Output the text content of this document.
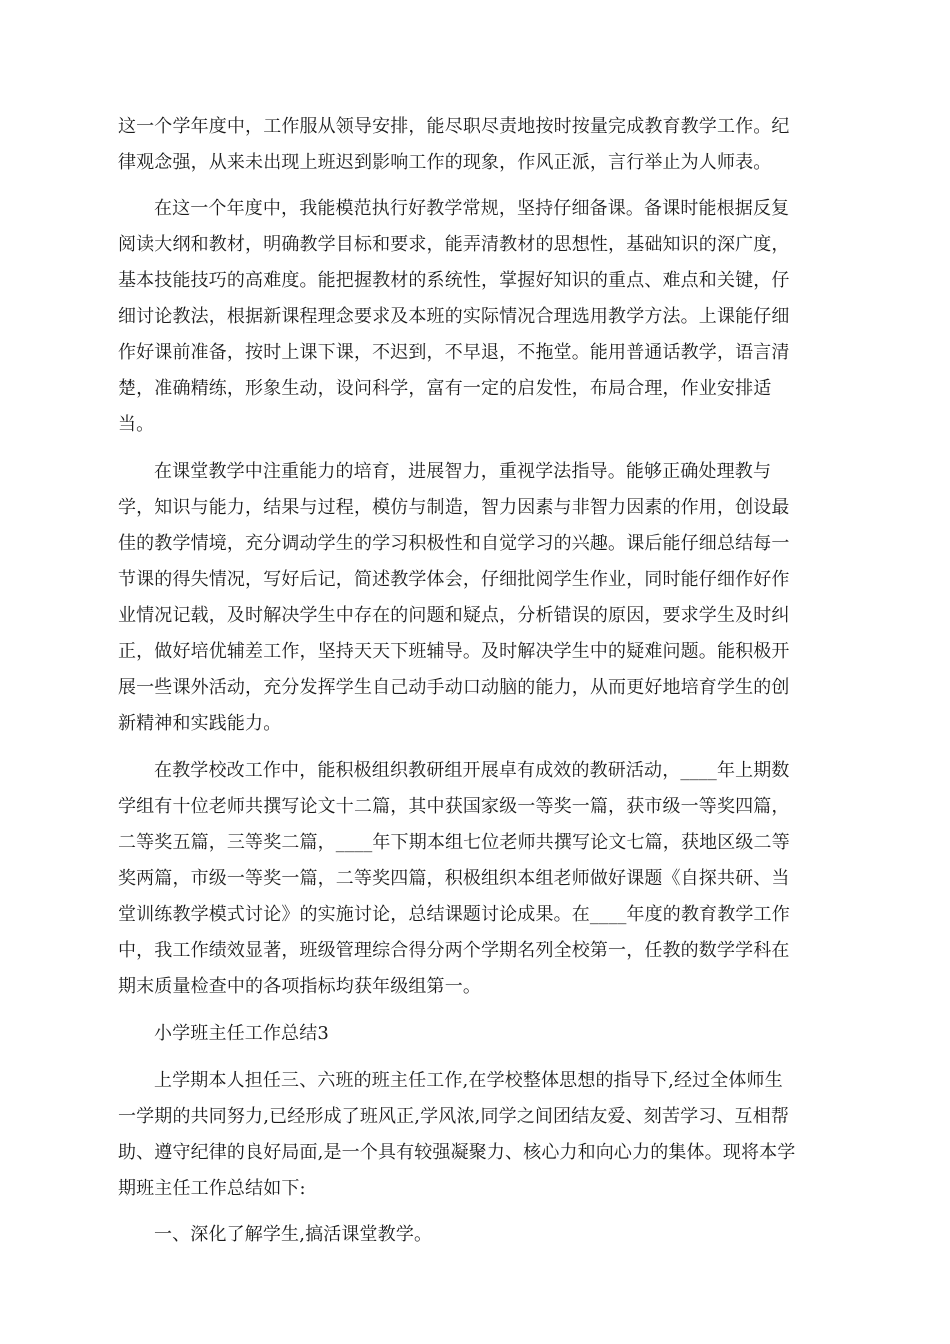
这一个学年度中，工作服从领导安排，能尽职尽责地按时按量完成教育教学工作。纪
律观念强，从来未出现上班迟到影响工作的现象，作风正派，言行举止为人师表。
在这一个年度中，我能模范执行好教学常规，坚持仔细备课。备课时能根据反复
阅读大纲和教材，明确教学目标和要求，能弄清教材的思想性，基础知识的深广度，
基本技能技巧的高难度。能把握教材的系统性，掌握好知识的重点、难点和关键，仔
细讨论教法，根据新课程理念要求及本班的实际情况合理选用教学方法。上课能仔细
作好课前准备，按时上课下课，不迟到，不早退，不拖堂。能用普通话教学，语言清
楚，准确精练，形象生动，设问科学，富有一定的启发性，布局合理，作业安排适
当。
在课堂教学中注重能力的培育，进展智力，重视学法指导。能够正确处理教与
学，知识与能力，结果与过程，模仿与制造，智力因素与非智力因素的作用，创设最
佳的教学情境，充分调动学生的学习积极性和自觉学习的兴趣。课后能仔细总结每一
节课的得失情况，写好后记，简述教学体会，仔细批阅学生作业，同时能仔细作好作
业情况记载，及时解决学生中存在的问题和疑点，分析错误的原因，要求学生及时纠
正，做好培优辅差工作，坚持天天下班辅导。及时解决学生中的疑难问题。能积极开
展一些课外活动，充分发挥学生自己动手动口动脑的能力，从而更好地培育学生的创
新精神和实践能力。
在教学校改工作中，能积极组织教研组开展卓有成效的教研活动，____年上期数
学组有十位老师共撰写论文十二篇，其中获国家级一等奖一篇，获市级一等奖四篇，
二等奖五篇，三等奖二篇，____年下期本组七位老师共撰写论文七篇，获地区级二等
奖两篇，市级一等奖一篇，二等奖四篇，积极组织本组老师做好课题《自探共研、当
堂训练教学模式讨论》的实施讨论，总结课题讨论成果。在____年度的教育教学工作
中，我工作绩效显著，班级管理综合得分两个学期名列全校第一，任教的数学学科在
期末质量检查中的各项指标均获年级组第一。
小学班主任工作总结3
上学期本人担任三、六班的班主任工作,在学校整体思想的指导下,经过全体师生
一学期的共同努力,已经形成了班风正,学风浓,同学之间团结友爱、刻苦学习、互相帮
助、遵守纪律的良好局面,是一个具有较强凝聚力、核心力和向心力的集体。现将本学
期班主任工作总结如下:
一、深化了解学生,搞活课堂教学。
